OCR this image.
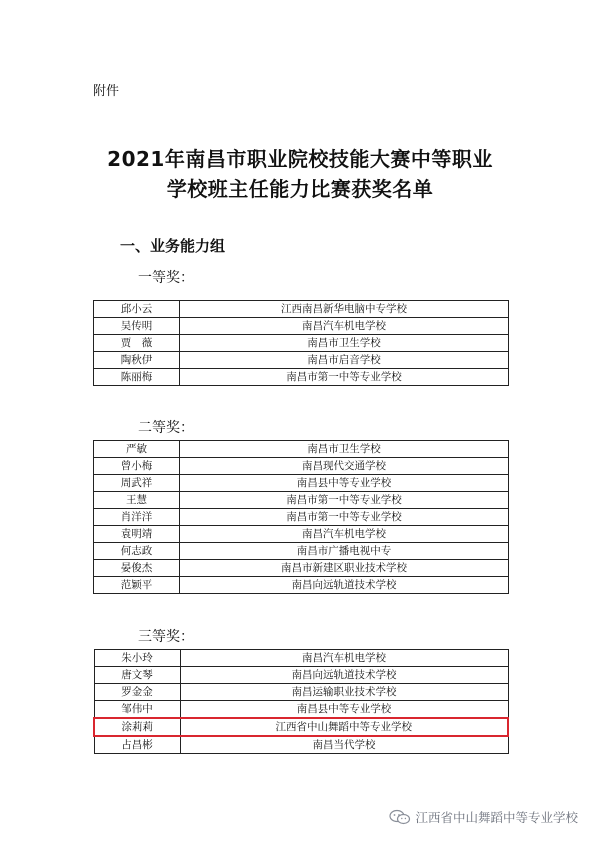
附件
2021年南昌市职业院校技能大赛中等职业
学校班主任能力比赛获奖名单
一、业务能力组
一等奖：
邱小云	江西南昌新华电脑中专学校
吴传明	南昌汽车机电学校
贾　薇	南昌市卫生学校
陶秋伊	南昌市启音学校
陈丽梅	南昌市第一中等专业学校
二等奖：
严敏	南昌市卫生学校
曾小梅	南昌现代交通学校
周武祥	南昌县中等专业学校
王慧	南昌市第一中等专业学校
肖洋洋	南昌市第一中等专业学校
袁明靖	南昌汽车机电学校
何志政	南昌市广播电视中专
晏俊杰	南昌市新建区职业技术学校
范颖平	南昌向远轨道技术学校
三等奖：
朱小玲	南昌汽车机电学校
唐文琴	南昌向远轨道技术学校
罗金金	南昌运输职业技术学校
邹伟中	南昌县中等专业学校
涂莉莉	江西省中山舞蹈中等专业学校
占昌彬	南昌当代学校
江西省中山舞蹈中等专业学校
